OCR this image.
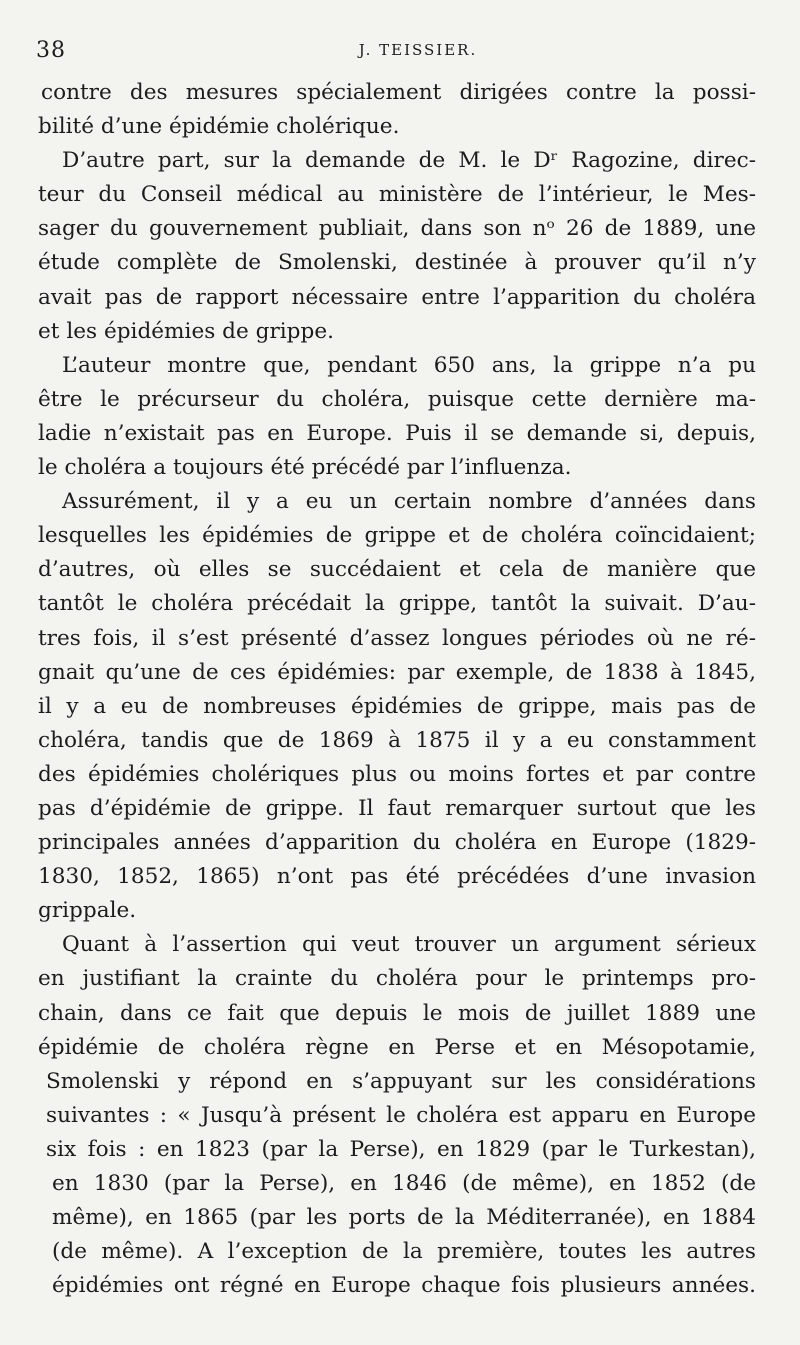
38	J. TEISSIER.
contre des mesures spécialement dirigées contre la possi-
bilité d’une épidémie cholérique.
D’autre part, sur la demande de M. le Dʳ Ragozine, direc-
teur du Conseil médical au ministère de l’intérieur, le Mes-
sager du gouvernement publiait, dans son nᵒ 26 de 1889, une
étude complète de Smolenski, destinée à prouver qu’il n’y
avait pas de rapport nécessaire entre l’apparition du choléra
et les épidémies de grippe.
L’auteur montre que, pendant 650 ans, la grippe n’a pu
être le précurseur du choléra, puisque cette dernière ma-
ladie n’existait pas en Europe. Puis il se demande si, depuis,
le choléra a toujours été précédé par l’influenza.
Assurément, il y a eu un certain nombre d’années dans
lesquelles les épidémies de grippe et de choléra coïncidaient;
d’autres, où elles se succédaient et cela de manière que
tantôt le choléra précédait la grippe, tantôt la suivait. D’au-
tres fois, il s’est présenté d’assez longues périodes où ne ré-
gnait qu’une de ces épidémies: par exemple, de 1838 à 1845,
il y a eu de nombreuses épidémies de grippe, mais pas de
choléra, tandis que de 1869 à 1875 il y a eu constamment
des épidémies cholériques plus ou moins fortes et par contre
pas d’épidémie de grippe. Il faut remarquer surtout que les
principales années d’apparition du choléra en Europe (1829-
1830, 1852, 1865) n’ont pas été précédées d’une invasion
grippale.
Quant à l’assertion qui veut trouver un argument sérieux
en justifiant la crainte du choléra pour le printemps pro-
chain, dans ce fait que depuis le mois de juillet 1889 une
épidémie de choléra règne en Perse et en Mésopotamie,
Smolenski y répond en s’appuyant sur les considérations
suivantes : « Jusqu’à présent le choléra est apparu en Europe
six fois : en 1823 (par la Perse), en 1829 (par le Turkestan),
en 1830 (par la Perse), en 1846 (de même), en 1852 (de
même), en 1865 (par les ports de la Méditerranée), en 1884
(de même). A l’exception de la première, toutes les autres
épidémies ont régné en Europe chaque fois plusieurs années.
